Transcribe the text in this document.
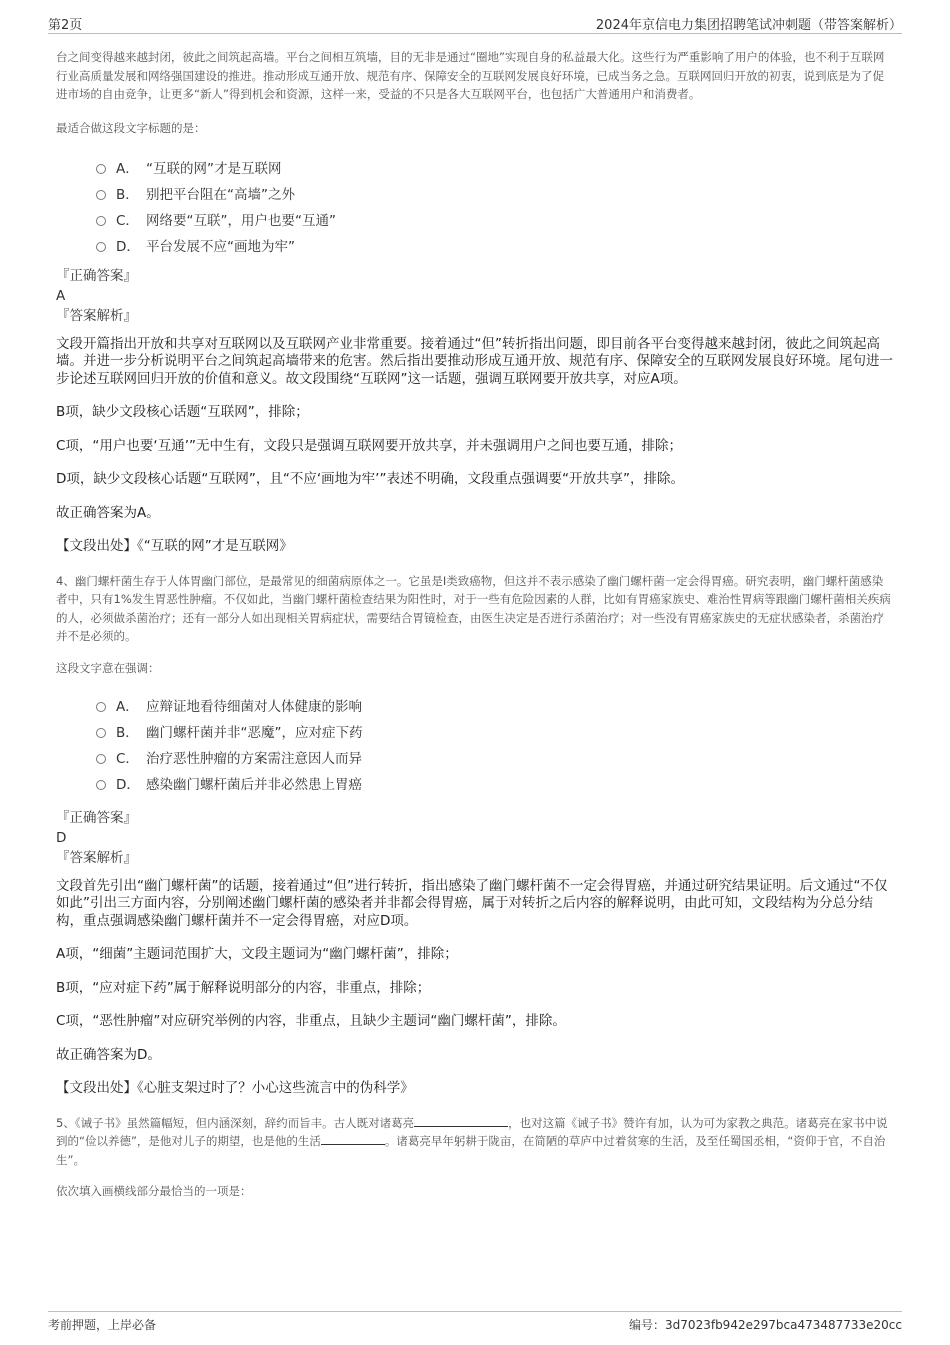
第2页	2024年京信电力集团招聘笔试冲刺题（带答案解析）

台之间变得越来越封闭，彼此之间筑起高墙。平台之间相互筑墙，目的无非是通过“圈地”实现自身的私益最大化。这些行为严重影响了用户的体验，也不利于互联网行业高质量发展和网络强国建设的推进。推动形成互通开放、规范有序、保障安全的互联网发展良好环境，已成当务之急。互联网回归开放的初衷，说到底是为了促进市场的自由竞争，让更多“新人”得到机会和资源，这样一来，受益的不只是各大互联网平台，也包括广大普通用户和消费者。

最适合做这段文字标题的是：
A． “互联的网”才是互联网
B． 别把平台阻在“高墙”之外
C． 网络要“互联”，用户也要“互通”
D． 平台发展不应“画地为牢”
『正确答案』
A
『答案解析』
文段开篇指出开放和共享对互联网以及互联网产业非常重要。接着通过“但”转折指出问题，即目前各平台变得越来越封闭，彼此之间筑起高墙。并进一步分析说明平台之间筑起高墙带来的危害。然后指出要推动形成互通开放、规范有序、保障安全的互联网发展良好环境。尾句进一步论述互联网回归开放的价值和意义。故文段围绕“互联网”这一话题，强调互联网要开放共享，对应A项。
B项，缺少文段核心话题“互联网”，排除；
C项，“用户也要‘互通’”无中生有，文段只是强调互联网要开放共享，并未强调用户之间也要互通，排除；
D项，缺少文段核心话题“互联网”，且“不应‘画地为牢’”表述不明确，文段重点强调要“开放共享”，排除。
故正确答案为A。
【文段出处】《“互联的网”才是互联网》

4、幽门螺杆菌生存于人体胃幽门部位，是最常见的细菌病原体之一。它虽是I类致癌物，但这并不表示感染了幽门螺杆菌一定会得胃癌。研究表明，幽门螺杆菌感染者中，只有1%发生胃恶性肿瘤。不仅如此，当幽门螺杆菌检查结果为阳性时，对于一些有危险因素的人群，比如有胃癌家族史、难治性胃病等跟幽门螺杆菌相关疾病的人，必须做杀菌治疗；还有一部分人如出现相关胃病症状，需要结合胃镜检查，由医生决定是否进行杀菌治疗；对一些没有胃癌家族史的无症状感染者，杀菌治疗并不是必须的。

这段文字意在强调：
A． 应辩证地看待细菌对人体健康的影响
B． 幽门螺杆菌并非“恶魔”，应对症下药
C． 治疗恶性肿瘤的方案需注意因人而异
D． 感染幽门螺杆菌后并非必然患上胃癌
『正确答案』
D
『答案解析』
文段首先引出“幽门螺杆菌”的话题，接着通过“但”进行转折，指出感染了幽门螺杆菌不一定会得胃癌，并通过研究结果证明。后文通过“不仅如此”引出三方面内容，分别阐述幽门螺杆菌的感染者并非都会得胃癌，属于对转折之后内容的解释说明，由此可知，文段结构为分总分结构，重点强调感染幽门螺杆菌并不一定会得胃癌，对应D项。
A项，“细菌”主题词范围扩大，文段主题词为“幽门螺杆菌”，排除；
B项，“应对症下药”属于解释说明部分的内容，非重点，排除；
C项，“恶性肿瘤”对应研究举例的内容，非重点，且缺少主题词“幽门螺杆菌”，排除。
故正确答案为D。
【文段出处】《心脏支架过时了？小心这些流言中的伪科学》

5、《诫子书》虽然篇幅短，但内涵深刻，辞约而旨丰。古人既对诸葛亮	，也对这篇《诫子书》赞许有加，认为可为家教之典范。诸葛亮在家书中说到的“俭以养德”，是他对儿子的期望，也是他的生活	。诸葛亮早年躬耕于陇亩，在简陋的草庐中过着贫寒的生活，及至任蜀国丞相，“资仰于官，不自治生”。

依次填入画横线部分最恰当的一项是：
考前押题，上岸必备	编号：3d7023fb942e297bca473487733e20cc
